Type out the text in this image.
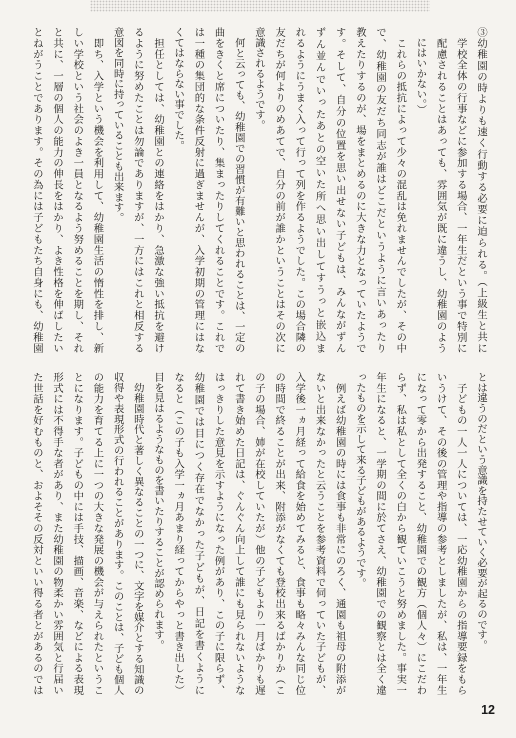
③幼稚園の時よりも速く行動する必要に迫られる。（上級生と共に
　学校全体の行事などに参加する場合、一年生だという事で特別に
　配慮されることはあっても、雰囲気が既に違うし、幼稚園のよう
　にはいかない。）
　これらの抵抗によって少々の混乱は免れませんでしたが、その中
で、幼稚園の友だち同志が誰はどこだというように言いあったり
教えたりするのが、場をまとめるのに大きな力となっていたようで
す。そして、自分の位置を思い出せない子どもは、みんながずん
ずん並んでいったあとの空いた所へ思い出してすうっと嵌込ま
れるようにうまく入って行って列を作るようでした。この場合隣の
友だちが何よりのめあてで、自分の前が誰かということはその次に
意識されるようです。
　何と云っても、幼稚園での習慣が有難いと思われることは、一定の
曲をきくと席についたり、集まったりしてくれることです。これで
は一種の集団的な条件反射に過ぎませんが、入学初期の管理にはな
くてはならない事でした。
　担任としては、幼稚園との連絡をはかり、急激な強い抵抗を避け
るように努めたことは勿論でありますが、一方にはこれと相反する
意図を同時に持っていることも出来ます。
　即ち、入学という機会を利用して、幼稚園生活の惰性を排し、新
しい学校という社会のよき一員となるよう努めることを期し、それ
と共に、一層の個人の能力の伸長をはかり、よき性格を伸ばしたい
とねがうことであります。その為には子どもたち自身にも、幼稚園
とは違うのだという意識を持たせていく必要が起るのです。
　子どもの一人一人については、一応幼稚園からの指導要録をもら
いうけて、その後の管理や指導の参考としましたが、私は、一年生
になって零から出発すること、幼稚園での観方（個人々）にこだわ
らず、私は私として全くの白から観ていこうと努めました。事実一
年生になると、一学期の間に於てさえ、幼稚園での観察とは全く違
ったものを示して来る子どもがあるようです。
　例えば幼稚園の時には食事も非常にのろく、通園も祖母の附添が
ないと出来なかったと云うことを参考資料で伺っていた子どもが、
入学後一ヵ月経って給食を始めてみると、食事も略々みんな同じ位
の時間で終ることが出来、附添がなくても登校出来るばかりか（こ
の子の場合、姉が在校していたが）他の子どもより一月ばかりも遅
れて書き始めた日記は、ぐんぐん向上して誰にも見られないような
はっきりした意見を示すようになった例があり、この子に限らず、
幼稚園では目につく存在でなかった子どもが、日記を書くように
なると（この子も入学一ヵ月あまり経ってからやっと書き出した）
目を見はるようなものを書いたりすることが認められます。
　幼稚園時代と著しく異なることの一つに、文字を媒介とする知識の
収得や表現形式の行われることがあります。このことは、子ども個人
の能力を育てる上に一つの大きな発展の機会が与えられたというこ
とになります。子どもの中には手技、描画、音楽、などによる表現
形式には不得手な者があり、また幼稚園の物柔かい雰囲気と行届い
た世話を好むものと、およそその反対といい得る者とがあるのでは
12
